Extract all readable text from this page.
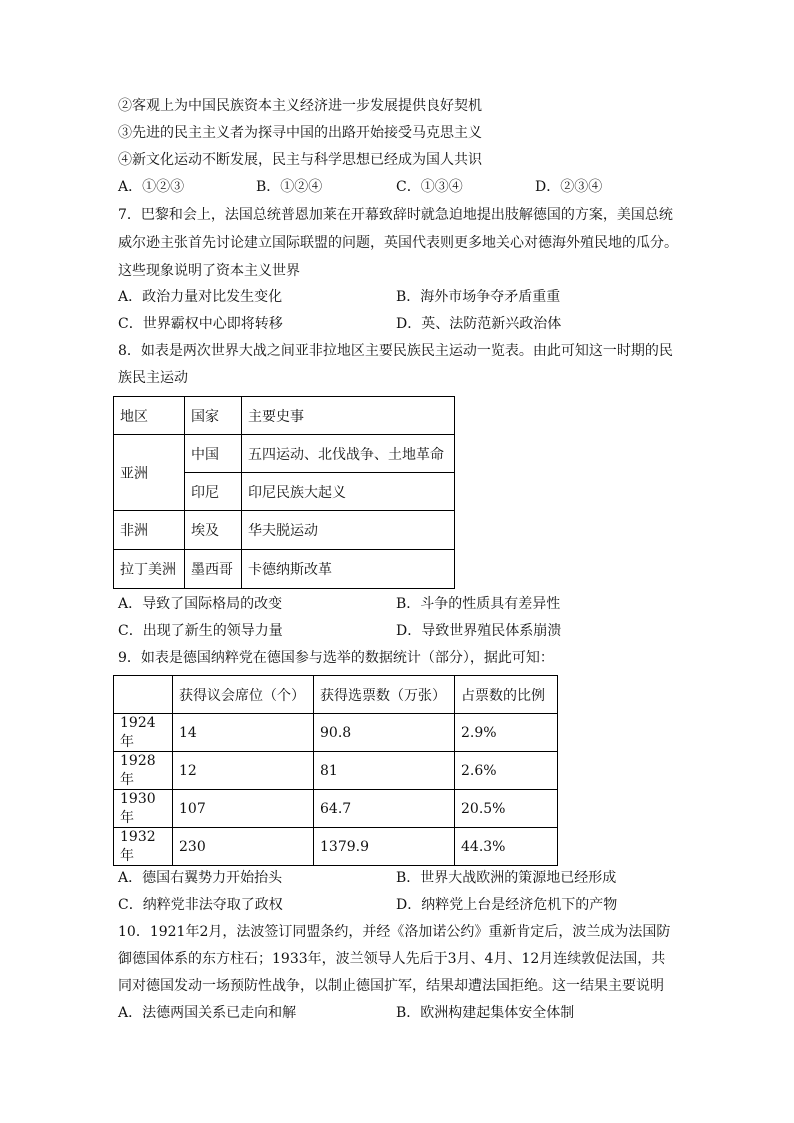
②客观上为中国民族资本主义经济进一步发展提供良好契机
③先进的民主主义者为探寻中国的出路开始接受马克思主义
④新文化运动不断发展，民主与科学思想已经成为国人共识
A．①②③	B．①②④	C．①③④	D．②③④
7．巴黎和会上，法国总统普恩加莱在开幕致辞时就急迫地提出肢解德国的方案，美国总统
威尔逊主张首先讨论建立国际联盟的问题，英国代表则更多地关心对德海外殖民地的瓜分。
这些现象说明了资本主义世界
A．政治力量对比发生变化	B．海外市场争夺矛盾重重
C．世界霸权中心即将转移	D．英、法防范新兴政治体
8．如表是两次世界大战之间亚非拉地区主要民族民主运动一览表。由此可知这一时期的民
族民主运动
地区	国家	主要史事
亚洲	中国	五四运动、北伐战争、土地革命
	印尼	印尼民族大起义
非洲	埃及	华夫脱运动
拉丁美洲	墨西哥	卡德纳斯改革
A．导致了国际格局的改变	B．斗争的性质具有差异性
C．出现了新生的领导力量	D．导致世界殖民体系崩溃
9．如表是德国纳粹党在德国参与选举的数据统计（部分），据此可知：
	获得议会席位（个）	获得选票数（万张）	占票数的比例
1924年	14	90.8	2.9%
1928年	12	81	2.6%
1930年	107	64.7	20.5%
1932年	230	1379.9	44.3%
A．德国右翼势力开始抬头	B．世界大战欧洲的策源地已经形成
C．纳粹党非法夺取了政权	D．纳粹党上台是经济危机下的产物
10．1921年2月，法波签订同盟条约，并经《洛加诺公约》重新肯定后，波兰成为法国防
御德国体系的东方柱石；1933年，波兰领导人先后于3月、4月、12月连续敦促法国，共
同对德国发动一场预防性战争，以制止德国扩军，结果却遭法国拒绝。这一结果主要说明
A．法德两国关系已走向和解	B．欧洲构建起集体安全体制
